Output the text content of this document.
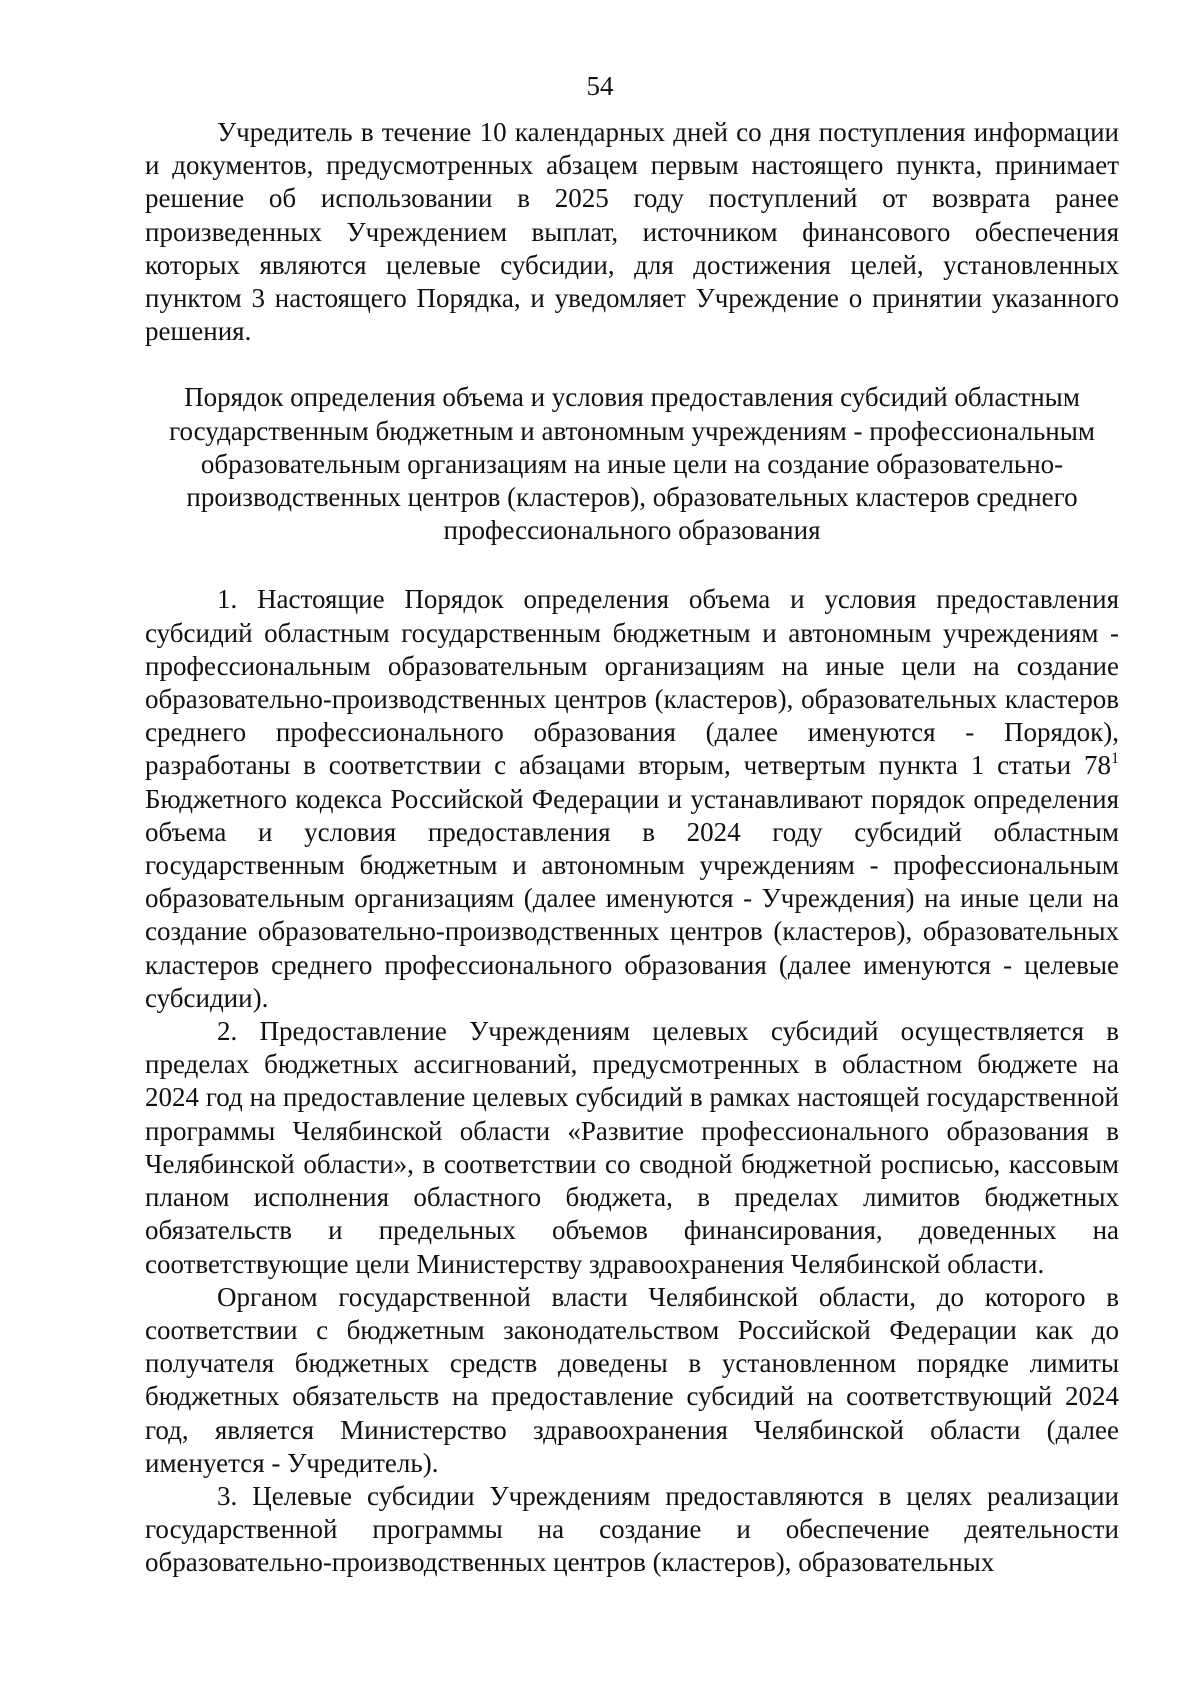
54

Учредитель в течение 10 календарных дней со дня поступления информации и документов, предусмотренных абзацем первым настоящего пункта, принимает решение об использовании в 2025 году поступлений от возврата ранее произведенных Учреждением выплат, источником финансового обеспечения которых являются целевые субсидии, для достижения целей, установленных пунктом 3 настоящего Порядка, и уведомляет Учреждение о принятии указанного решения.

Порядок определения объема и условия предоставления субсидий областным государственным бюджетным и автономным учреждениям - профессиональным образовательным организациям на иные цели на создание образовательно-производственных центров (кластеров), образовательных кластеров среднего профессионального образования

1. Настоящие Порядок определения объема и условия предоставления субсидий областным государственным бюджетным и автономным учреждениям - профессиональным образовательным организациям на иные цели на создание образовательно-производственных центров (кластеров), образовательных кластеров среднего профессионального образования (далее именуются - Порядок), разработаны в соответствии с абзацами вторым, четвертым пункта 1 статьи $78^1$ Бюджетного кодекса Российской Федерации и устанавливают порядок определения объема и условия предоставления в 2024 году субсидий областным государственным бюджетным и автономным учреждениям - профессиональным образовательным организациям (далее именуются - Учреждения) на иные цели на создание образовательно-производственных центров (кластеров), образовательных кластеров среднего профессионального образования (далее именуются - целевые субсидии).

2. Предоставление Учреждениям целевых субсидий осуществляется в пределах бюджетных ассигнований, предусмотренных в областном бюджете на 2024 год на предоставление целевых субсидий в рамках настоящей государственной программы Челябинской области «Развитие профессионального образования в Челябинской области», в соответствии со сводной бюджетной росписью, кассовым планом исполнения областного бюджета, в пределах лимитов бюджетных обязательств и предельных объемов финансирования, доведенных на соответствующие цели Министерству здравоохранения Челябинской области.

Органом государственной власти Челябинской области, до которого в соответствии с бюджетным законодательством Российской Федерации как до получателя бюджетных средств доведены в установленном порядке лимиты бюджетных обязательств на предоставление субсидий на соответствующий 2024 год, является Министерство здравоохранения Челябинской области (далее именуется - Учредитель).

3. Целевые субсидии Учреждениям предоставляются в целях реализации государственной программы на создание и обеспечение деятельности образовательно-производственных центров (кластеров), образовательных
